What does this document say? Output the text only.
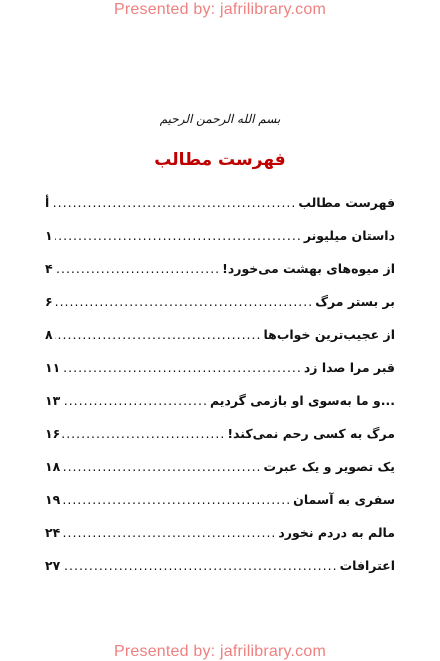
Presented by: jafrilibrary.com
بسم الله الرحمن الرحيم
فهرست مطالب
فهرست مطالب
.....
أ
داستان میلیونر
.....
۱
از میوه‌های بهشت می‌خورد!
.....
۴
بر بستر مرگ
.....
۶
از عجیب‌ترین خواب‌ها
.....
۸
قبر مرا صدا زد
.....
۱۱
...و ما به‌سوی او بازمی گردیم
.....
۱۳
مرگ به کسی رحم نمی‌کند!
.....
۱۶
یک تصویر و یک عبرت
.....
۱۸
سفری به آسمان
.....
۱۹
مالم به دردم نخورد
.....
۲۴
اعترافات
.....
۲۷
Presented by: jafrilibrary.com
